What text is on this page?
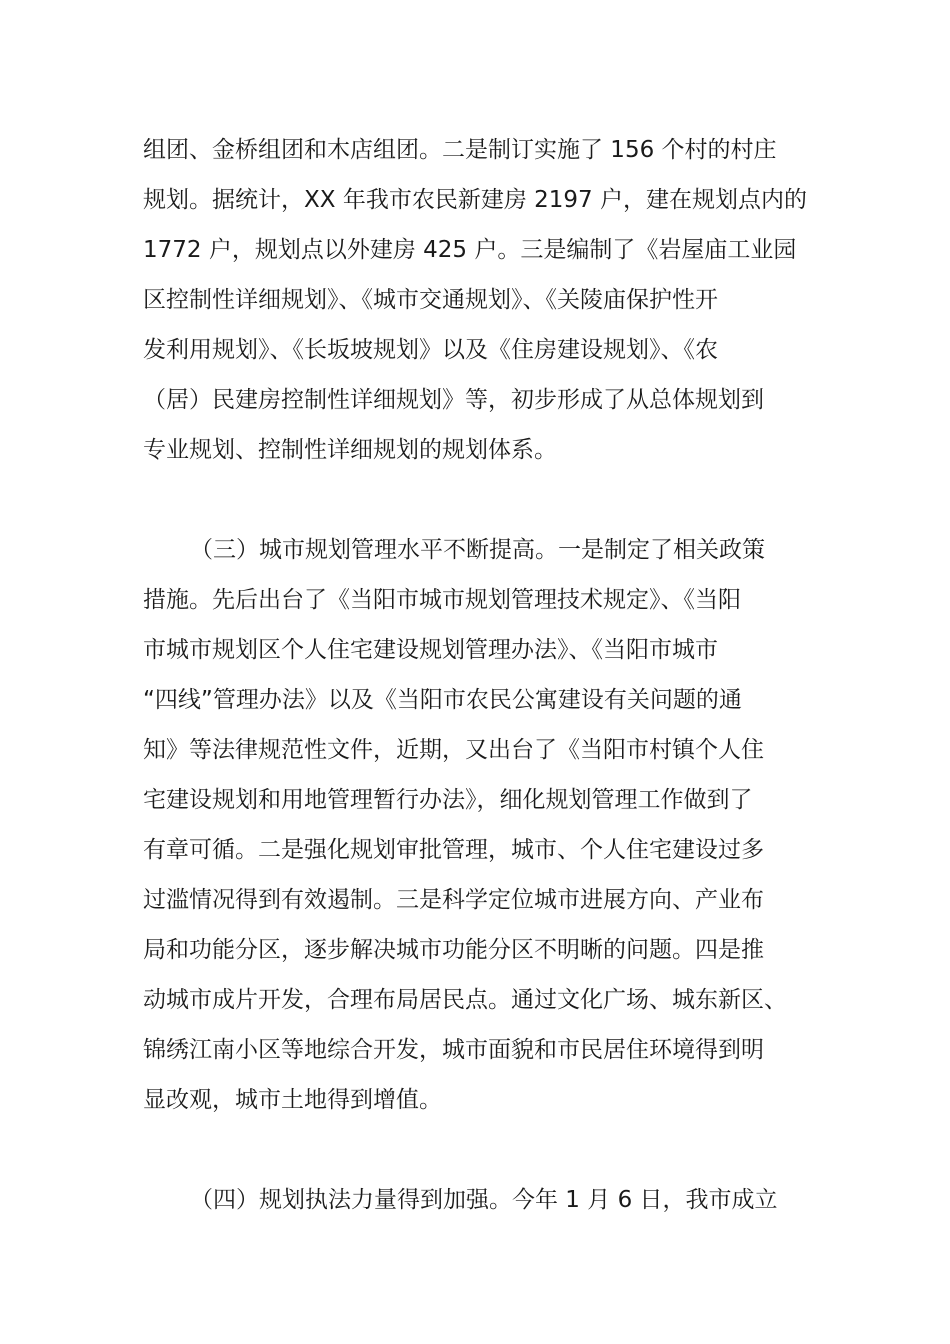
组团、金桥组团和木店组团。二是制订实施了 156 个村的村庄

规划。据统计，XX 年我市农民新建房 2197 户，建在规划点内的

1772 户，规划点以外建房 425 户。三是编制了《岩屋庙工业园

区控制性详细规划》、《城市交通规划》、《关陵庙保护性开

发利用规划》、《长坂坡规划》以及《住房建设规划》、《农

（居）民建房控制性详细规划》等，初步形成了从总体规划到

专业规划、控制性详细规划的规划体系。

（三）城市规划管理水平不断提高。一是制定了相关政策

措施。先后出台了《当阳市城市规划管理技术规定》、《当阳

市城市规划区个人住宅建设规划管理办法》、《当阳市城市

“四线”管理办法》以及《当阳市农民公寓建设有关问题的通

知》等法律规范性文件，近期，又出台了《当阳市村镇个人住

宅建设规划和用地管理暂行办法》，细化规划管理工作做到了

有章可循。二是强化规划审批管理，城市、个人住宅建设过多

过滥情况得到有效遏制。三是科学定位城市进展方向、产业布

局和功能分区，逐步解决城市功能分区不明晰的问题。四是推

动城市成片开发，合理布局居民点。通过文化广场、城东新区、

锦绣江南小区等地综合开发，城市面貌和市民居住环境得到明

显改观，城市土地得到增值。

（四）规划执法力量得到加强。今年 1 月 6 日，我市成立
